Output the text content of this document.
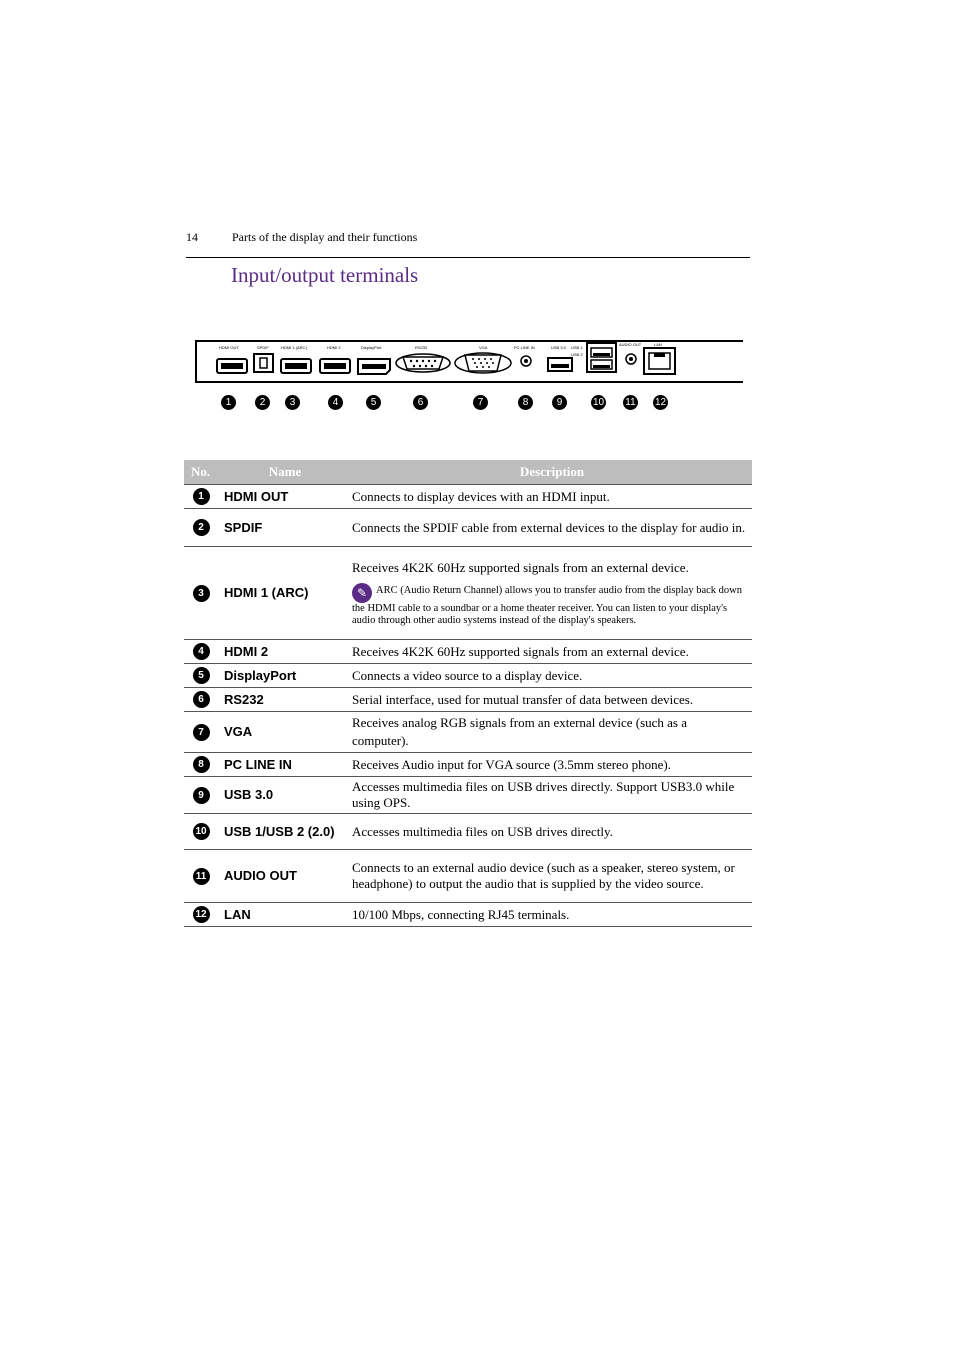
14	Parts of the display and their functions
Input/output terminals
HDMI OUT	SPDIF	HDMI 1 (ARC)	HDMI 2	DisplayPort	RS232	VGA	PC LINE IN	USB 3.0 USB 1
USB 2
AUDIO OUT	LAN
1	2	3	4	5	6	7	8	9	10 11 12
No.	Name	Description
1	HDMI OUT	Connects to display devices with an HDMI input.
2	SPDIF	Connects the SPDIF cable from external devices to the display for audio in.
3	HDMI 1 (ARC)	Receives 4K2K 60Hz supported signals from an external device.
✎ ARC (Audio Return Channel) allows you to transfer audio from the display back down the HDMI cable to a soundbar or a home theater receiver. You can listen to your display's audio through other audio systems instead of the display's speakers.

4	HDMI 2	Receives 4K2K 60Hz supported signals from an external device.
5	DisplayPort	Connects a video source to a display device.
6	RS232	Serial interface, used for mutual transfer of data between devices.
7	VGA	Receives analog RGB signals from an external device (such as a computer).
8	PC LINE IN	Receives Audio input for VGA source (3.5mm stereo phone).
9	USB 3.0	Accesses multimedia files on USB drives directly. Support USB3.0 while using OPS.
10	USB 1/USB 2 (2.0)	Accesses multimedia files on USB drives directly.
11	AUDIO OUT	Connects to an external audio device (such as a speaker, stereo system, or headphone) to output the audio that is supplied by the video source.
12	LAN	10/100 Mbps, connecting RJ45 terminals.
